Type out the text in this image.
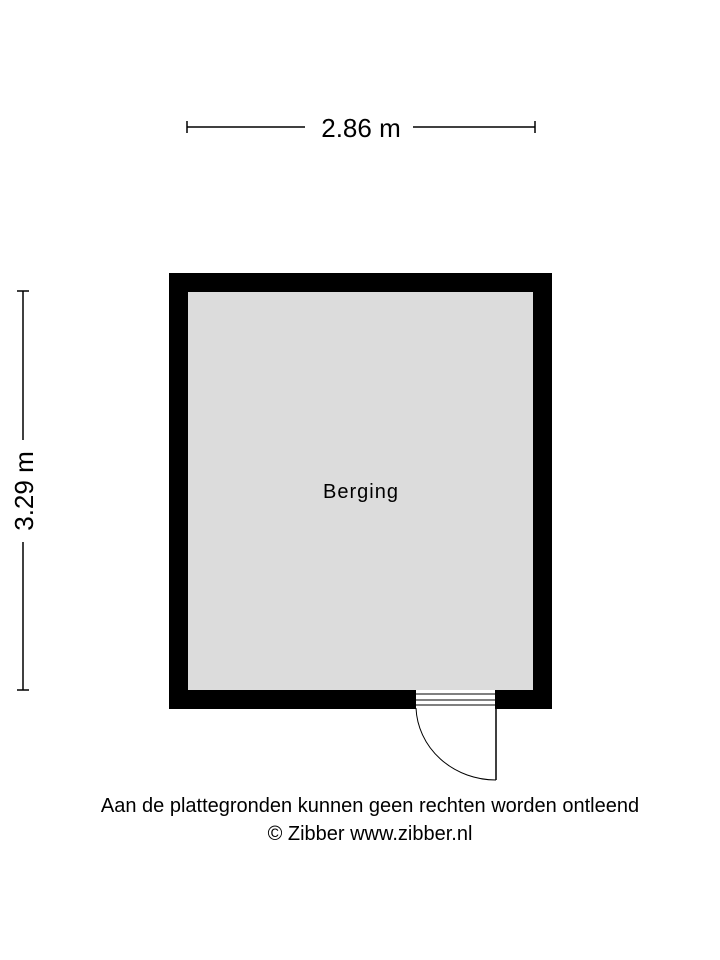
2.86 m
3.29 m	Berging
Aan de plattegronden kunnen geen rechten worden ontleend
© Zibber www.zibber.nl
